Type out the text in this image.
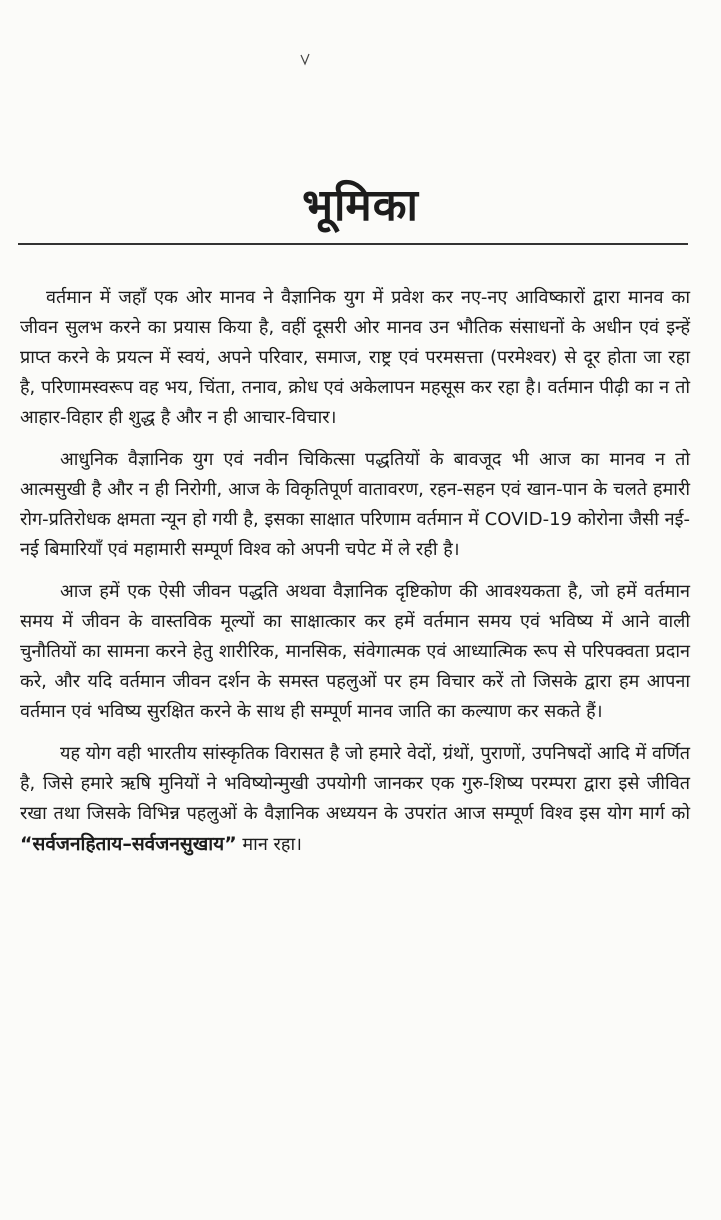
भूमिका

वर्तमान में जहाँ एक ओर मानव ने वैज्ञानिक युग में प्रवेश कर नए-नए आविष्कारों द्वारा मानव का जीवन सुलभ करने का प्रयास किया है, वहीं दूसरी ओर मानव उन भौतिक संसाधनों के अधीन एवं इन्हें प्राप्त करने के प्रयत्न में स्वयं, अपने परिवार, समाज, राष्ट्र एवं परमसत्ता (परमेश्वर) से दूर होता जा रहा है, परिणामस्वरूप वह भय, चिंता, तनाव, क्रोध एवं अकेलापन महसूस कर रहा है। वर्तमान पीढ़ी का न तो आहार-विहार ही शुद्ध है और न ही आचार-विचार।

आधुनिक वैज्ञानिक युग एवं नवीन चिकित्सा पद्धतियों के बावजूद भी आज का मानव न तो आत्मसुखी है और न ही निरोगी, आज के विकृतिपूर्ण वातावरण, रहन-सहन एवं खान-पान के चलते हमारी रोग-प्रतिरोधक क्षमता न्यून हो गयी है, इसका साक्षात परिणाम वर्तमान में COVID-19 कोरोना जैसी नई-नई बिमारियाँ एवं महामारी सम्पूर्ण विश्व को अपनी चपेट में ले रही है।

आज हमें एक ऐसी जीवन पद्धति अथवा वैज्ञानिक दृष्टिकोण की आवश्यकता है, जो हमें वर्तमान समय में जीवन के वास्तविक मूल्यों का साक्षात्कार कर हमें वर्तमान समय एवं भविष्य में आने वाली चुनौतियों का सामना करने हेतु शारीरिक, मानसिक, संवेगात्मक एवं आध्यात्मिक रूप से परिपक्वता प्रदान करे, और यदि वर्तमान जीवन दर्शन के समस्त पहलुओं पर हम विचार करें तो जिसके द्वारा हम आपना वर्तमान एवं भविष्य सुरक्षित करने के साथ ही सम्पूर्ण मानव जाति का कल्याण कर सकते हैं।

यह योग वही भारतीय सांस्कृतिक विरासत है जो हमारे वेदों, ग्रंथों, पुराणों, उपनिषदों आदि में वर्णित है, जिसे हमारे ऋषि मुनियों ने भविष्योन्मुखी उपयोगी जानकर एक गुरु-शिष्य परम्परा द्वारा इसे जीवित रखा तथा जिसके विभिन्न पहलुओं के वैज्ञानिक अध्ययन के उपरांत आज सम्पूर्ण विश्व इस योग मार्ग को “सर्वजनहिताय–सर्वजनसुखाय” मान रहा।
